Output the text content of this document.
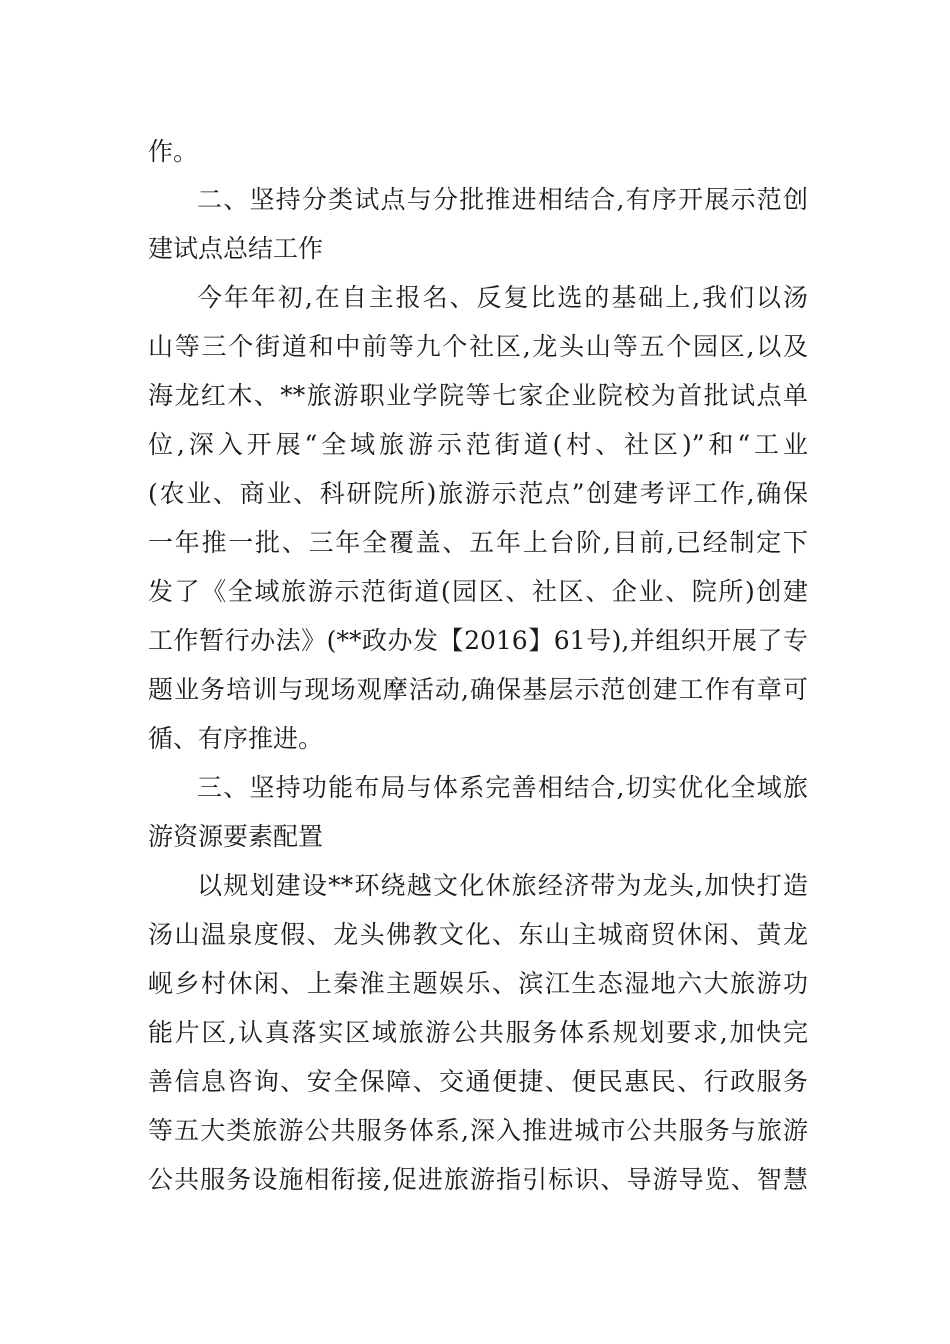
作。
二、坚持分类试点与分批推进相结合,有序开展示范创
建试点总结工作
今年年初,在自主报名、反复比选的基础上,我们以汤
山等三个街道和中前等九个社区,龙头山等五个园区,以及
海龙红木、**旅游职业学院等七家企业院校为首批试点单
位,深入开展“全域旅游示范街道(村、社区)”和“工业
(农业、商业、科研院所)旅游示范点”创建考评工作,确保
一年推一批、三年全覆盖、五年上台阶,目前,已经制定下
发了《全域旅游示范街道(园区、社区、企业、院所)创建
工作暂行办法》(**政办发【2016】61号),并组织开展了专
题业务培训与现场观摩活动,确保基层示范创建工作有章可
循、有序推进。
三、坚持功能布局与体系完善相结合,切实优化全域旅
游资源要素配置
以规划建设**环绕越文化休旅经济带为龙头,加快打造
汤山温泉度假、龙头佛教文化、东山主城商贸休闲、黄龙
岘乡村休闲、上秦淮主题娱乐、滨江生态湿地六大旅游功
能片区,认真落实区域旅游公共服务体系规划要求,加快完
善信息咨询、安全保障、交通便捷、便民惠民、行政服务
等五大类旅游公共服务体系,深入推进城市公共服务与旅游
公共服务设施相衔接,促进旅游指引标识、导游导览、智慧
